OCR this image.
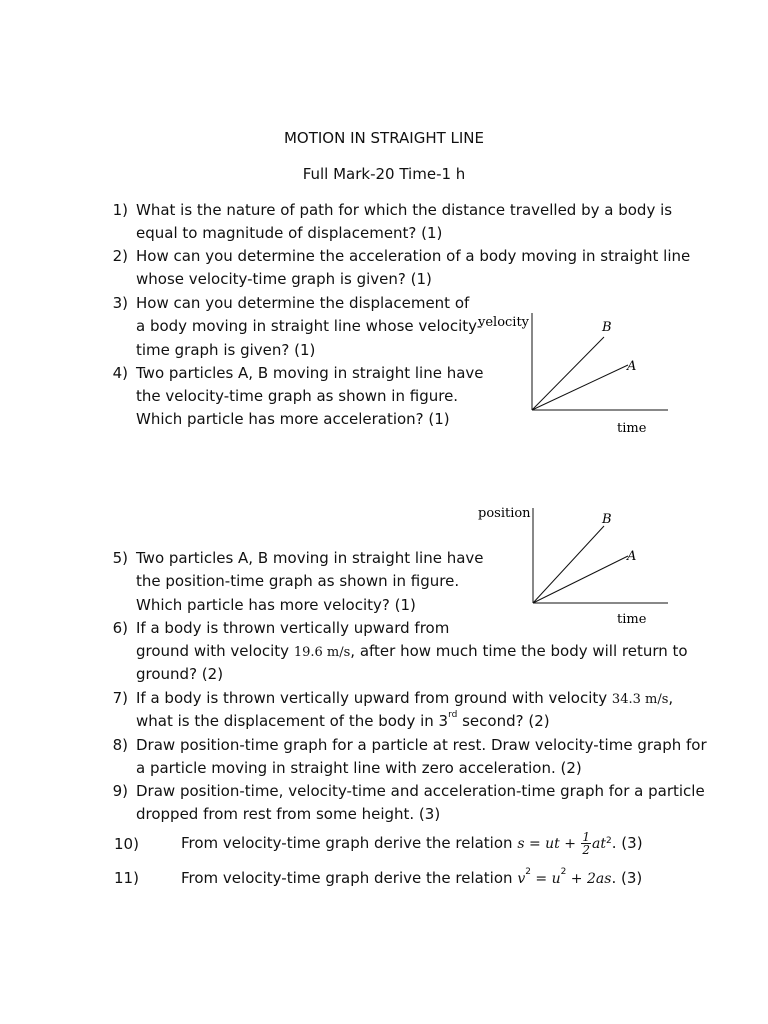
MOTION IN STRAIGHT LINE
Full Mark-20 Time-1 h
1) What is the nature of path for which the distance travelled by a body is
equal to magnitude of displacement? (1)
2) How can you determine the acceleration of a body moving in straight line
whose velocity-time graph is given? (1)
3) How can you determine the displacement of
a body moving in straight line whose velocity-
time graph is given? (1)
4) Two particles A, B moving in straight line have
the velocity-time graph as shown in figure.
Which particle has more acceleration? (1)
velocity
time
B
A
position
time
B
A
5) Two particles A, B moving in straight line have
the position-time graph as shown in figure.
Which particle has more velocity? (1)
6) If a body is thrown vertically upward from
ground with velocity 19.6 m/s, after how much time the body will return to
ground? (2)
7) If a body is thrown vertically upward from ground with velocity 34.3 m/s,
what is the displacement of the body in 3rd second? (2)
8) Draw position-time graph for a particle at rest. Draw velocity-time graph for
a particle moving in straight line with zero acceleration. (2)
9) Draw position-time, velocity-time and acceleration-time graph for a particle
dropped from rest from some height. (3)
10)	From velocity-time graph derive the relation s = ut + $\frac{1}{2} at^2$. (3)
11)	From velocity-time graph derive the relation $v^2 = u^2 + 2as$. (3)
